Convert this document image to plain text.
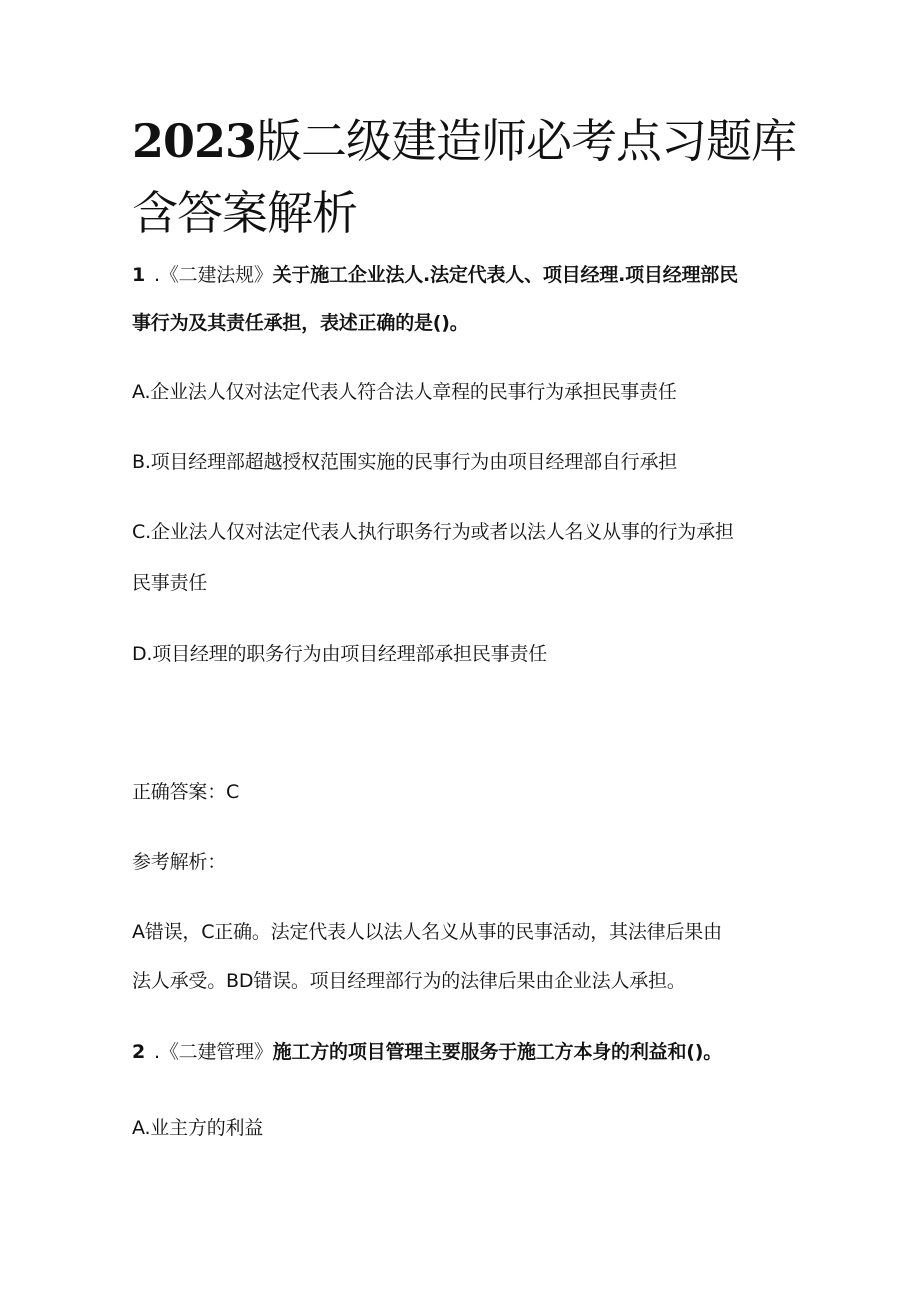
2023版二级建造师必考点习题库
含答案解析
1 .《二建法规》关于施工企业法人.法定代表人、项目经理.项目经理部民
事行为及其责任承担，表述正确的是()。
A.企业法人仅对法定代表人符合法人章程的民事行为承担民事责任
B.项目经理部超越授权范围实施的民事行为由项目经理部自行承担
C.企业法人仅对法定代表人执行职务行为或者以法人名义从事的行为承担
民事责任
D.项目经理的职务行为由项目经理部承担民事责任
正确答案：C
参考解析：
A错误，C正确。法定代表人以法人名义从事的民事活动，其法律后果由
法人承受。BD错误。项目经理部行为的法律后果由企业法人承担。
2 .《二建管理》施工方的项目管理主要服务于施工方本身的利益和()。
A.业主方的利益
